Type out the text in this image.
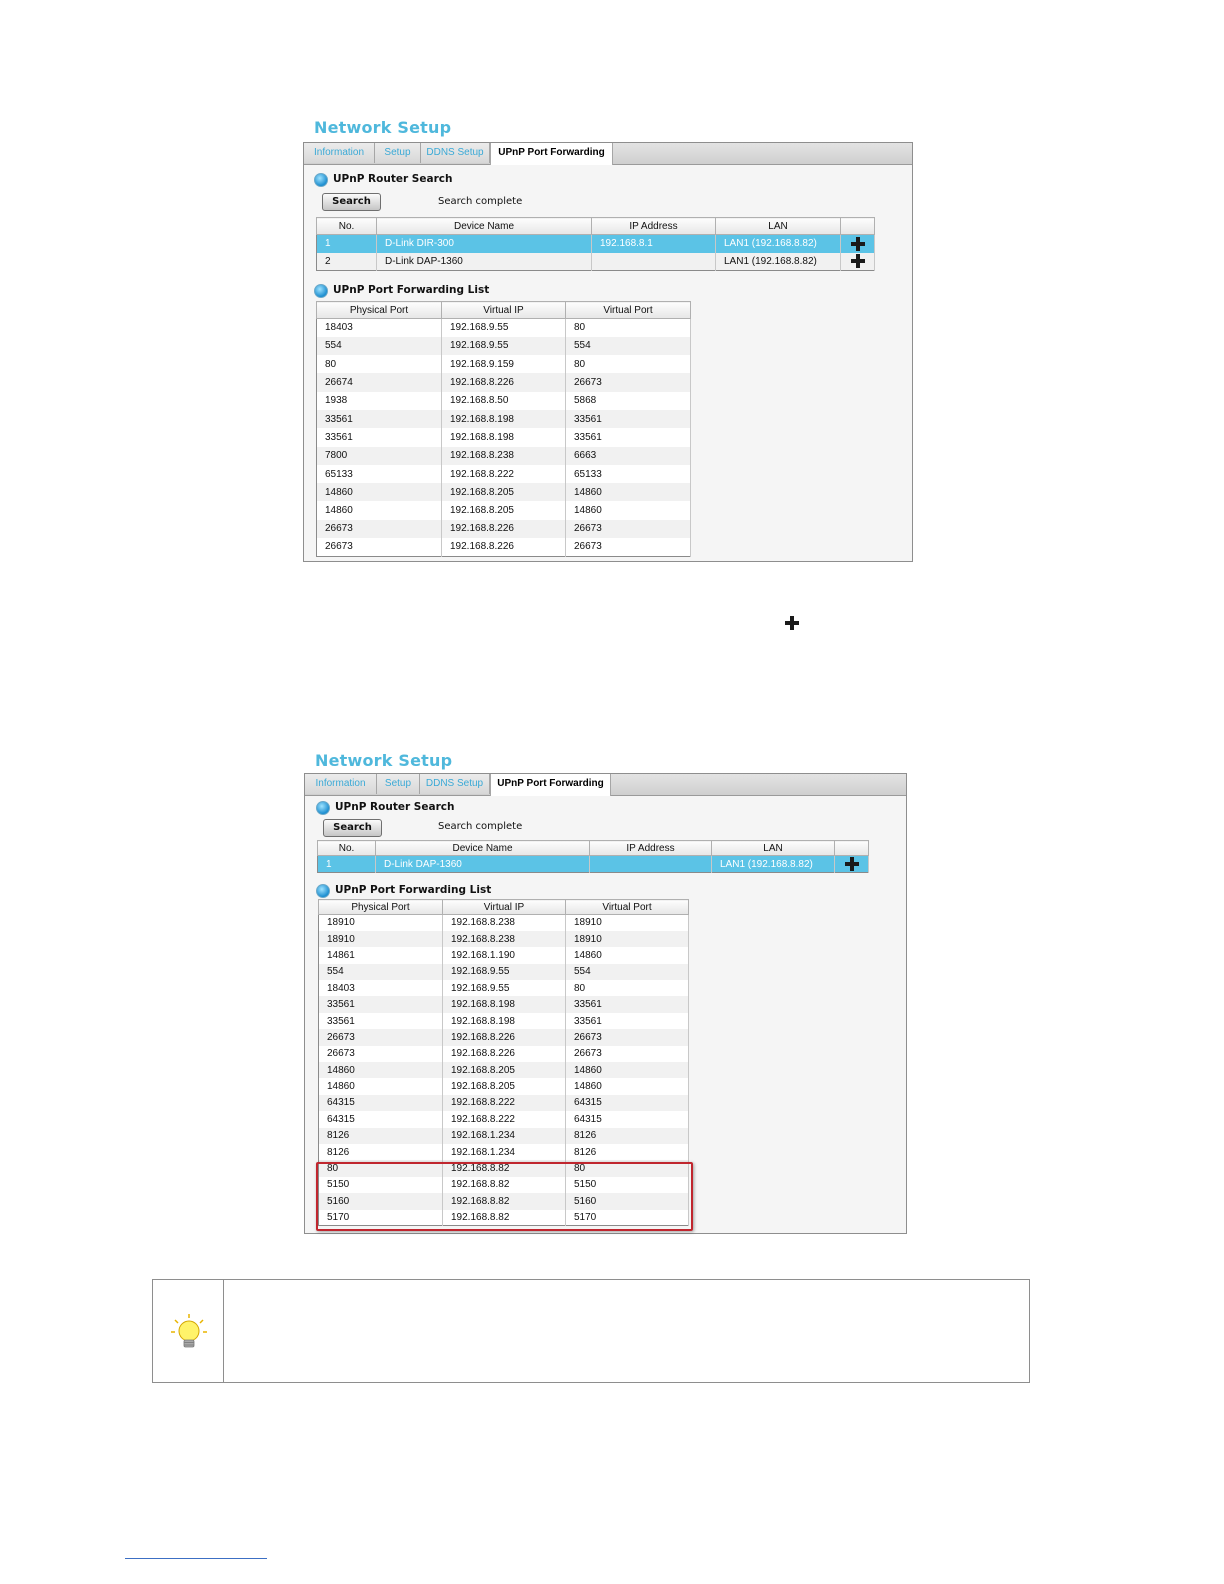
Network Setup
Information	Setup	DDNS Setup	UPnP Port Forwarding
UPnP Router Search
Search	Search complete
No.	Device Name	IP Address	LAN	
1	D-Link DIR-300	192.168.8.1	LAN1 (192.168.8.82)	
2	D-Link DAP-1360		LAN1 (192.168.8.82)	
UPnP Port Forwarding List
Physical Port	Virtual IP	Virtual Port
18403	192.168.9.55	80
554	192.168.9.55	554
80	192.168.9.159	80
26674	192.168.8.226	26673
1938	192.168.8.50	5868
33561	192.168.8.198	33561
33561	192.168.8.198	33561
7800	192.168.8.238	6663
65133	192.168.8.222	65133
14860	192.168.8.205	14860
14860	192.168.8.205	14860
26673	192.168.8.226	26673
26673	192.168.8.226	26673
Network Setup
Information	Setup	DDNS Setup	UPnP Port Forwarding
UPnP Router Search
Search	Search complete
No.	Device Name	IP Address	LAN	
1	D-Link DAP-1360		LAN1 (192.168.8.82)	
UPnP Port Forwarding List
Physical Port	Virtual IP	Virtual Port
18910	192.168.8.238	18910
18910	192.168.8.238	18910
14861	192.168.1.190	14860
554	192.168.9.55	554
18403	192.168.9.55	80
33561	192.168.8.198	33561
33561	192.168.8.198	33561
26673	192.168.8.226	26673
26673	192.168.8.226	26673
14860	192.168.8.205	14860
14860	192.168.8.205	14860
64315	192.168.8.222	64315
64315	192.168.8.222	64315
8126	192.168.1.234	8126
8126	192.168.1.234	8126
80	192.168.8.82	80
5150	192.168.8.82	5150
5160	192.168.8.82	5160
5170	192.168.8.82	5170
